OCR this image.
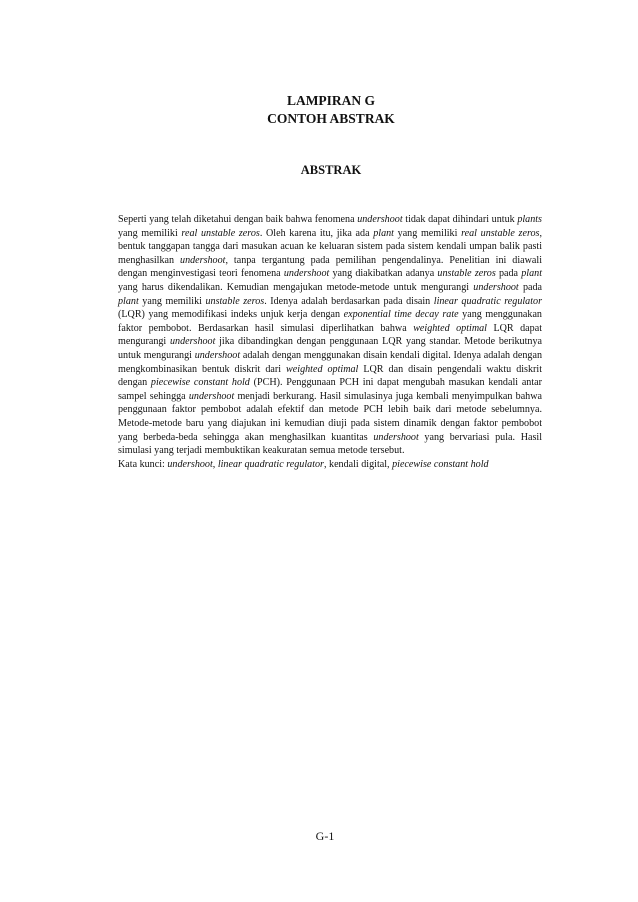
LAMPIRAN G
CONTOH ABSTRAK
ABSTRAK

Seperti yang telah diketahui dengan baik bahwa fenomena undershoot tidak dapat dihindari untuk plants yang memiliki real unstable zeros. Oleh karena itu, jika ada plant yang memiliki real unstable zeros, bentuk tanggapan tangga dari masukan acuan ke keluaran sistem pada sistem kendali umpan balik pasti menghasilkan undershoot, tanpa tergantung pada pemilihan pengendalinya. Penelitian ini diawali dengan menginvestigasi teori fenomena undershoot yang diakibatkan adanya unstable zeros pada plant yang harus dikendalikan. Kemudian mengajukan metode-metode untuk mengurangi undershoot pada plant yang memiliki unstable zeros. Idenya adalah berdasarkan pada disain linear quadratic regulator (LQR) yang memodifikasi indeks unjuk kerja dengan exponential time decay rate yang menggunakan faktor pembobot. Berdasarkan hasil simulasi diperlihatkan bahwa weighted optimal LQR dapat mengurangi undershoot jika dibandingkan dengan penggunaan LQR yang standar. Metode berikutnya untuk mengurangi undershoot adalah dengan menggunakan disain kendali digital. Idenya adalah dengan mengkombinasikan bentuk diskrit dari weighted optimal LQR dan disain pengendali waktu diskrit dengan piecewise constant hold (PCH). Penggunaan PCH ini dapat mengubah masukan kendali antar sampel sehingga undershoot menjadi berkurang. Hasil simulasinya juga kembali menyimpulkan bahwa penggunaan faktor pembobot adalah efektif dan metode PCH lebih baik dari metode sebelumnya. Metode-metode baru yang diajukan ini kemudian diuji pada sistem dinamik dengan faktor pembobot yang berbeda-beda sehingga akan menghasilkan kuantitas undershoot yang bervariasi pula. Hasil simulasi yang terjadi membuktikan keakuratan semua metode tersebut.

Kata kunci: undershoot, linear quadratic regulator, kendali digital, piecewise constant hold

G-1
